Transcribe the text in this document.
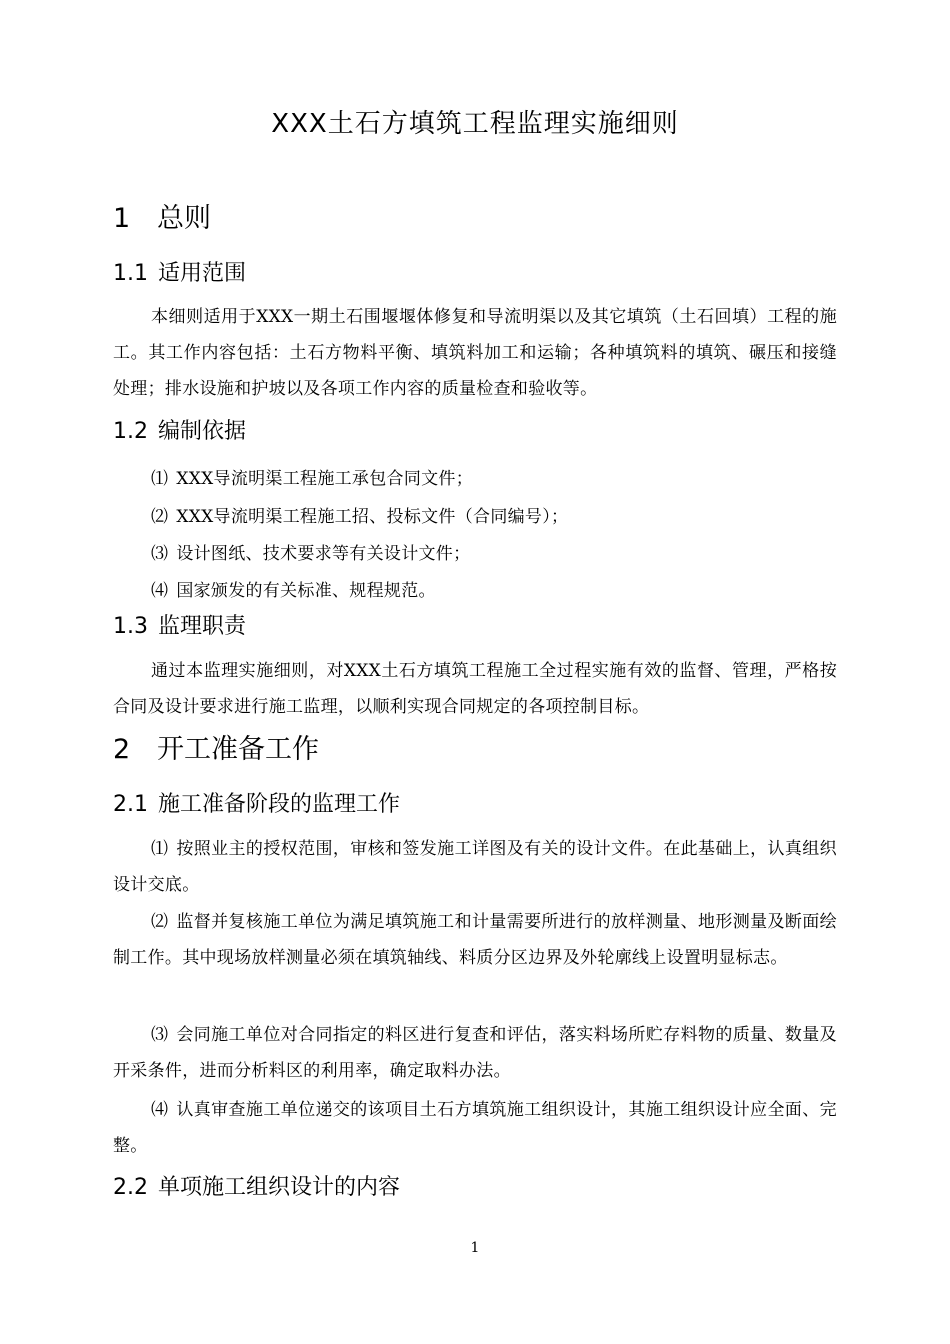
XXX土石方填筑工程监理实施细则
1 总则
1.1 适用范围
本细则适用于XXX一期土石围堰堰体修复和导流明渠以及其它填筑（土石回填）工程的施工。其工作内容包括：土石方物料平衡、填筑料加工和运输；各种填筑料的填筑、碾压和接缝处理；排水设施和护坡以及各项工作内容的质量检查和验收等。
1.2 编制依据
⑴ XXX导流明渠工程施工承包合同文件；
⑵ XXX导流明渠工程施工招、投标文件（合同编号）；
⑶ 设计图纸、技术要求等有关设计文件；
⑷ 国家颁发的有关标准、规程规范。
1.3 监理职责
通过本监理实施细则，对XXX土石方填筑工程施工全过程实施有效的监督、管理，严格按合同及设计要求进行施工监理，以顺利实现合同规定的各项控制目标。
2 开工准备工作
2.1 施工准备阶段的监理工作
⑴ 按照业主的授权范围，审核和签发施工详图及有关的设计文件。在此基础上，认真组织设计交底。
⑵ 监督并复核施工单位为满足填筑施工和计量需要所进行的放样测量、地形测量及断面绘制工作。其中现场放样测量必须在填筑轴线、料质分区边界及外轮廓线上设置明显标志。
⑶ 会同施工单位对合同指定的料区进行复查和评估，落实料场所贮存料物的质量、数量及开采条件，进而分析料区的利用率，确定取料办法。
⑷ 认真审查施工单位递交的该项目土石方填筑施工组织设计，其施工组织设计应全面、完整。
2.2 单项施工组织设计的内容
1
